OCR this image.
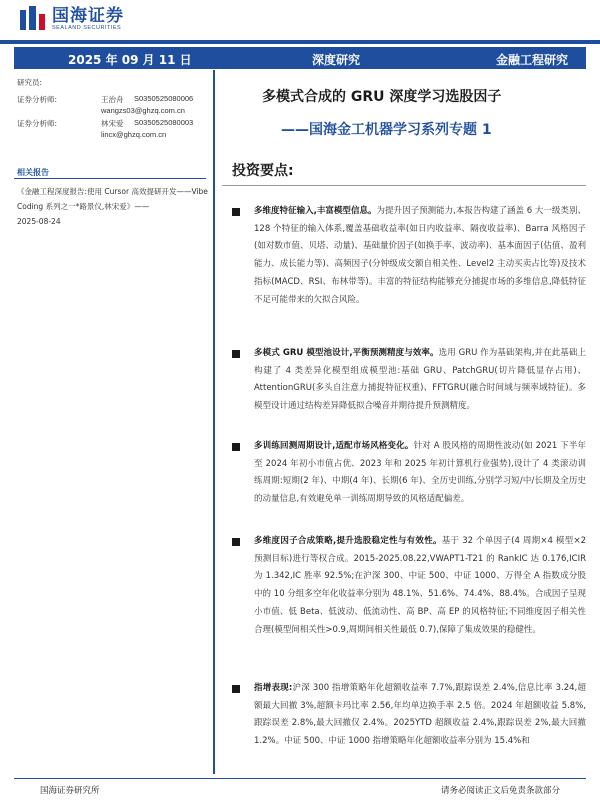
国海证券
SEALAND SECURITIES
2025 年 09 月 11 日	深度研究	金融工程研究
研究员:
证券分析师:	王治舟 S0350525080006
wangzs03@ghzq.com.cn
证券分析师:	林宋爱 S0350525080003
lincx@ghzq.com.cn
相关报告
《金融工程深度报告:使用 Cursor 高效提研开发——Vibe Coding 系列之一*路景仪,林宋爱》——
2025-08-24
多模式合成的 GRU 深度学习选股因子
——国海金工机器学习系列专题 1
投资要点:
多维度特征输入,丰富模型信息。为提升因子预测能力,本报告构建了涵盖 6 大一级类别、128 个特征的输入体系,覆盖基础收益率(如日内收益率、隔夜收益率)、Barra 风格因子(如对数市值、贝塔、动量)、基础量价因子(如换手率、波动率)、基本面因子(估值、盈利能力、成长能力等)、高频因子(分钟级成交额自相关性、Level2 主动买卖占比等)及技术指标(MACD、RSI、布林带等)。丰富的特征结构能够充分捕捉市场的多维信息,降低特征不足可能带来的欠拟合风险。
多模式 GRU 模型池设计,平衡预测精度与效率。选用 GRU 作为基础架构,并在此基础上构建了 4 类差异化模型组成模型池:基础 GRU、PatchGRU(切片降低显存占用)、AttentionGRU(多头自注意力捕捉特征权重)、FFTGRU(融合时间域与频率域特征)。多模型设计通过结构差异降低拟合噪音并期待提升预测精度。
多训练回测周期设计,适配市场风格变化。针对 A 股风格的周期性波动(如 2021 下半年至 2024 年初小市值占优、2023 年和 2025 年初计算机行业强势),设计了 4 类滚动训练周期:短期(2 年)、中期(4 年)、长期(6 年)、全历史训练,分别学习短/中/长期及全历史的动量信息,有效避免单一训练周期导致的风格适配偏差。
多维度因子合成策略,提升选股稳定性与有效性。基于 32 个单因子(4 周期×4 模型×2 预测目标)进行等权合成。2015-2025.08.22,VWAPT1-T21 的 RankIC 达 0.176,ICIR 为 1.342,IC 胜率 92.5%;在沪深 300、中证 500、中证 1000、万得全 A 指数成分股中的 10 分组多空年化收益率分别为 48.1%、51.6%、74.4%、88.4%。合成因子呈现小市值、低 Beta、低波动、低流动性、高 BP、高 EP 的风格特征;不同维度因子相关性合理(模型间相关性>0.9,周期间相关性最低 0.7),保障了集成效果的稳健性。
指增表现:沪深 300 指增策略年化超额收益率 7.7%,跟踪误差 2.4%,信息比率 3.24,超额最大回撤 3%,超额卡玛比率 2.56,年均单边换手率 2.5 倍。2024 年超额收益 5.8%,跟踪误差 2.8%,最大回撤仅 2.4%。2025YTD 超额收益 2.4%,跟踪误差 2%,最大回撤 1.2%。中证 500、中证 1000 指增策略年化超额收益率分别为 15.4%和
国海证券研究所	请务必阅读正文后免责条款部分
